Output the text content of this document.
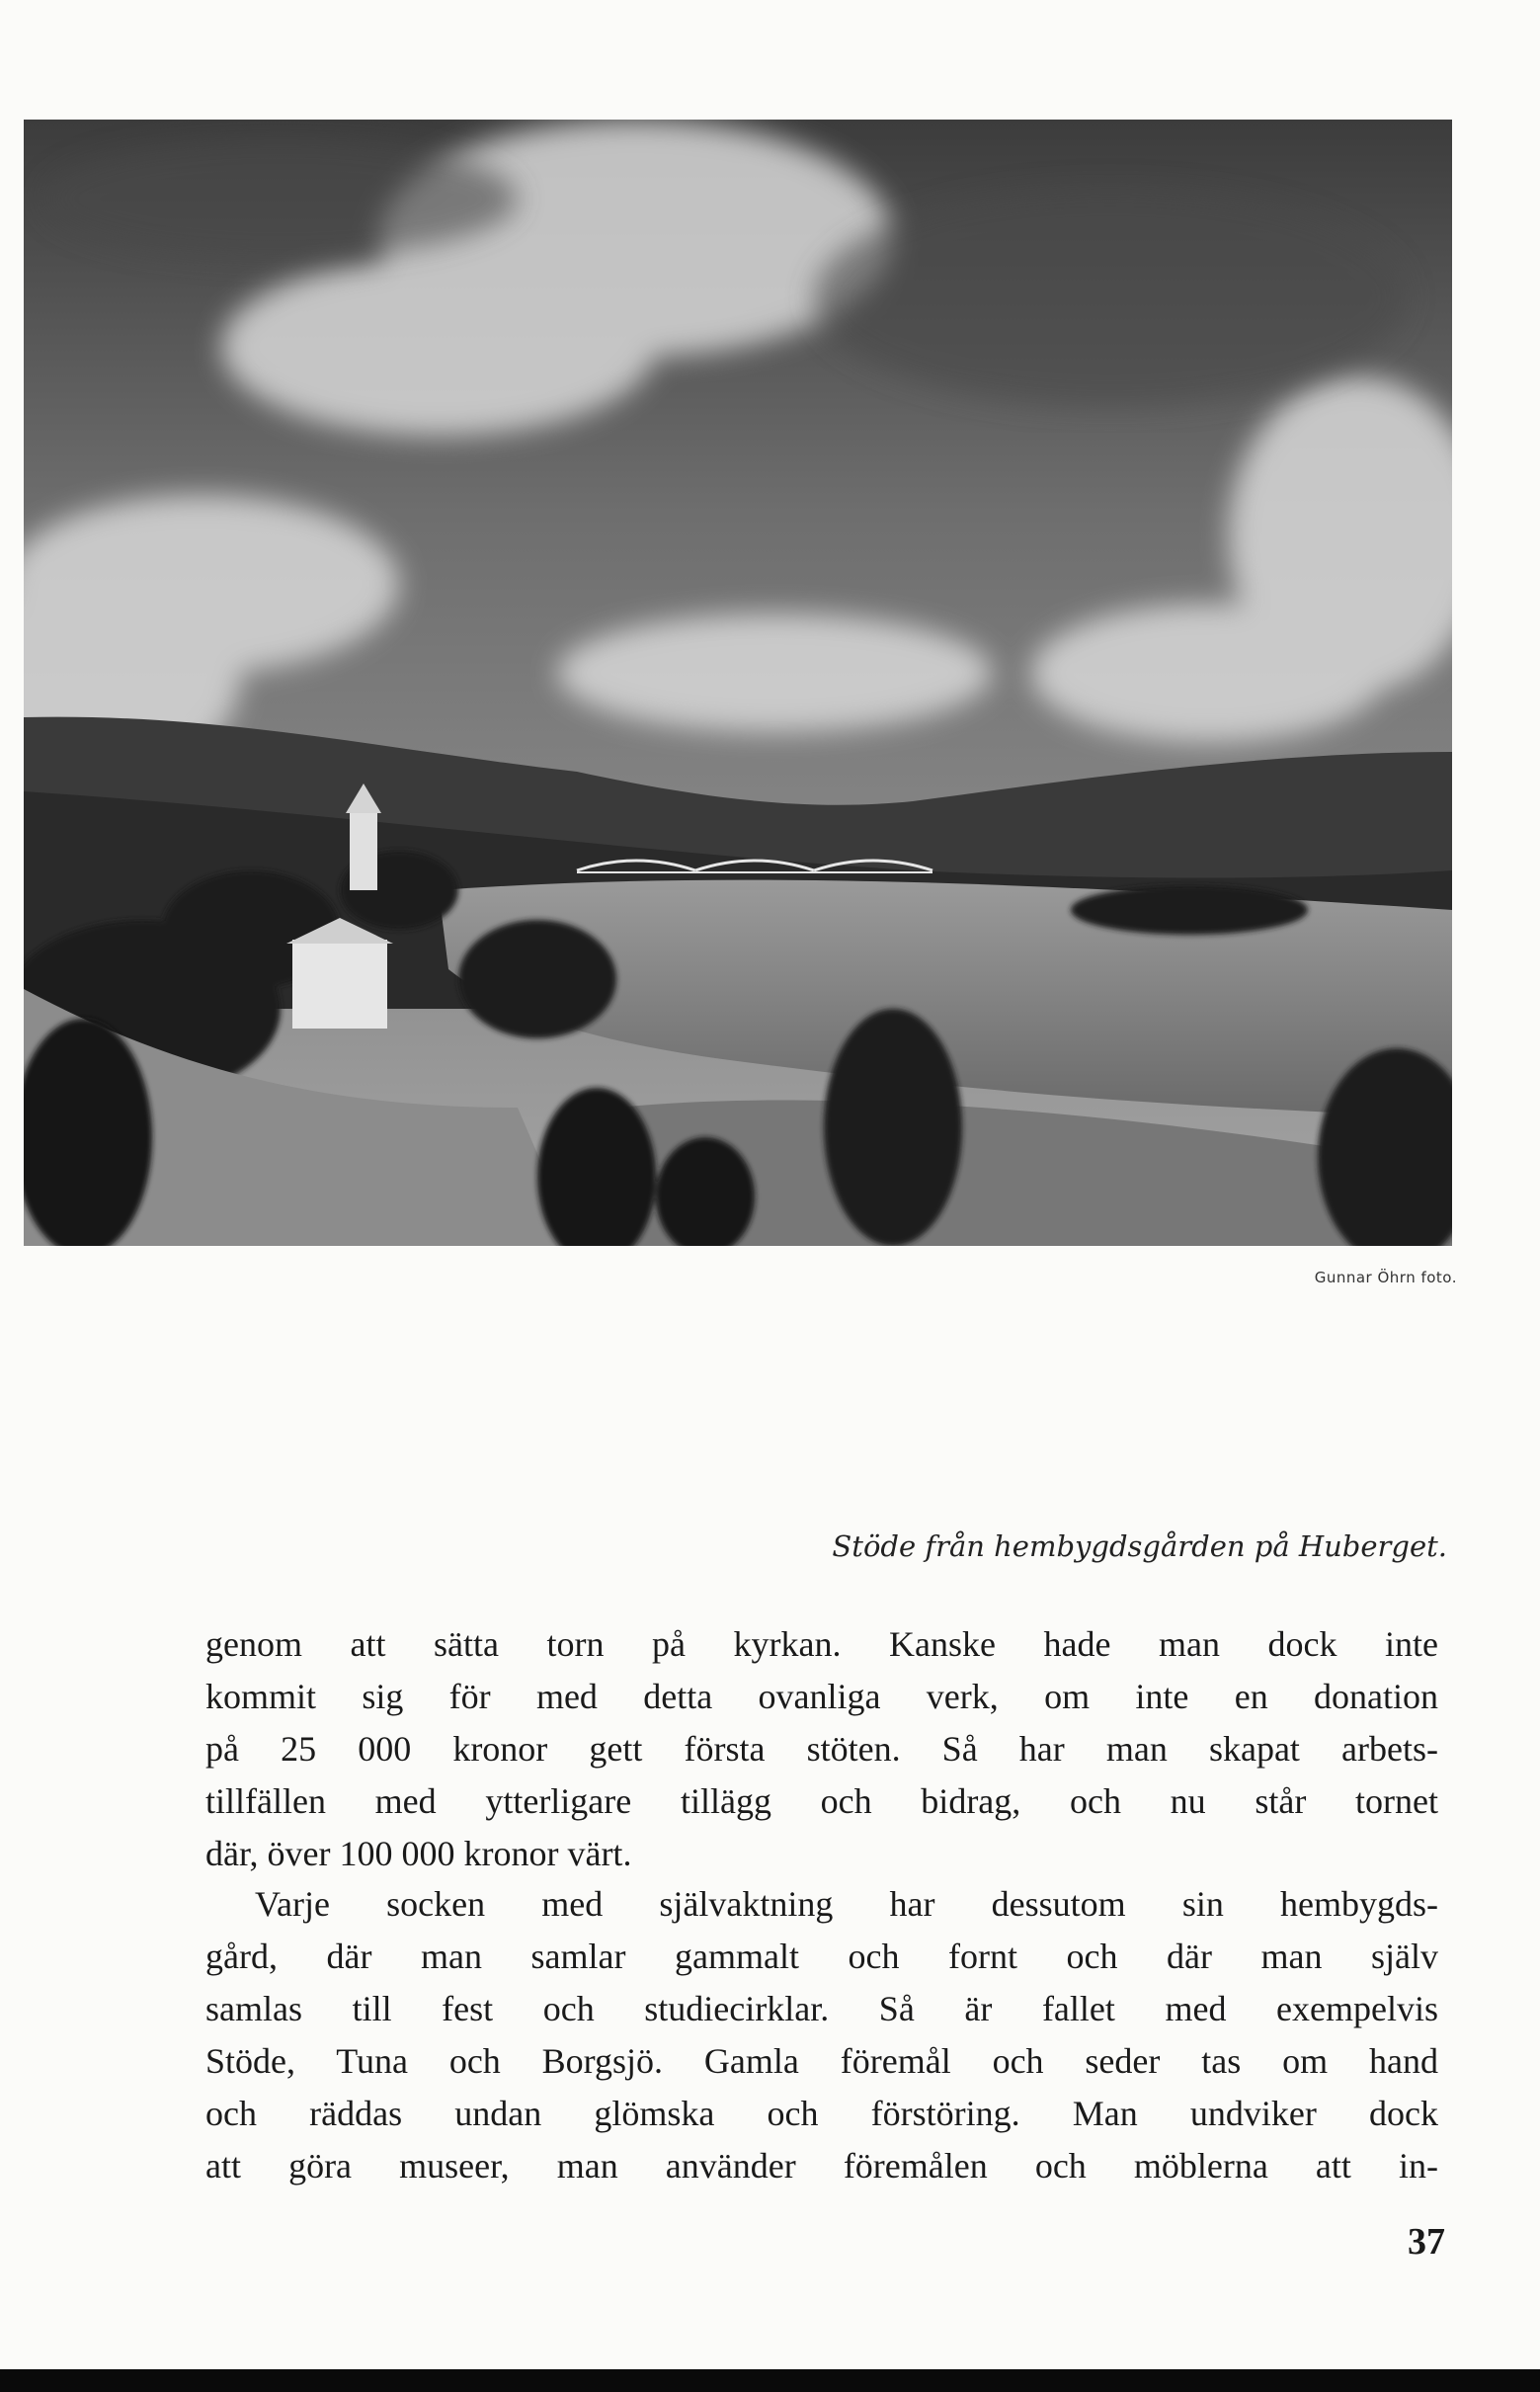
Gunnar Öhrn foto.
Stöde från hembygdsgården på Huberget.
genom att sätta torn på kyrkan. Kanske hade man dock inte
kommit sig för med detta ovanliga verk, om inte en donation
på 25 000 kronor gett första stöten. Så har man skapat arbets-
tillfällen med ytterligare tillägg och bidrag, och nu står tornet
där, över 100 000 kronor värt.
Varje socken med självaktning har dessutom sin hembygds-
gård, där man samlar gammalt och fornt och där man själv
samlas till fest och studiecirklar. Så är fallet med exempelvis
Stöde, Tuna och Borgsjö. Gamla föremål och seder tas om hand
och räddas undan glömska och förstöring. Man undviker dock
att göra museer, man använder föremålen och möblerna att in-
37
